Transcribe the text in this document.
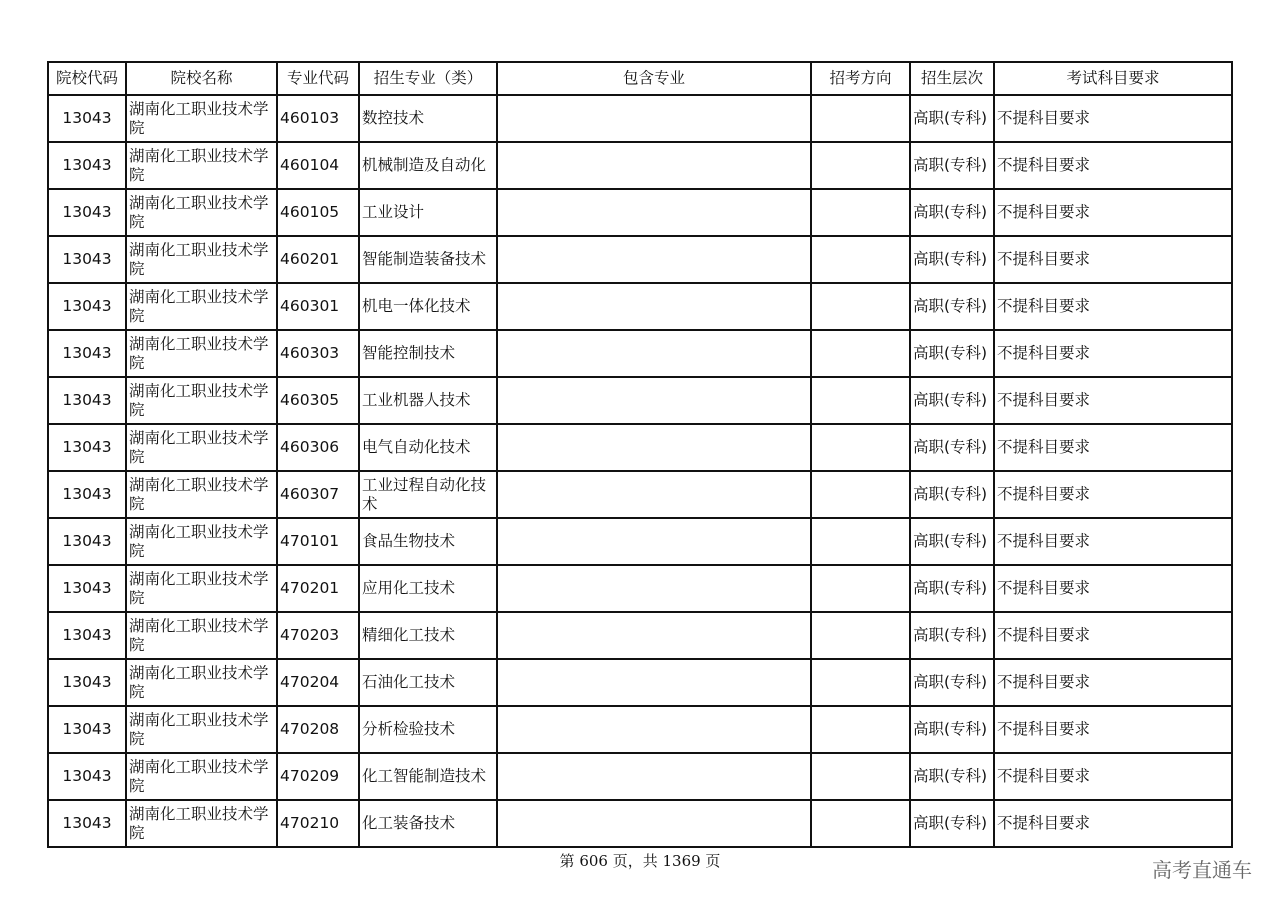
院校代码	院校名称	专业代码	招生专业（类）	包含专业	招考方向	招生层次	考试科目要求
13043	湖南化工职业技术学院	460103	数控技术			高职(专科)	不提科目要求
13043	湖南化工职业技术学院	460104	机械制造及自动化			高职(专科)	不提科目要求
13043	湖南化工职业技术学院	460105	工业设计			高职(专科)	不提科目要求
13043	湖南化工职业技术学院	460201	智能制造装备技术			高职(专科)	不提科目要求
13043	湖南化工职业技术学院	460301	机电一体化技术			高职(专科)	不提科目要求
13043	湖南化工职业技术学院	460303	智能控制技术			高职(专科)	不提科目要求
13043	湖南化工职业技术学院	460305	工业机器人技术			高职(专科)	不提科目要求
13043	湖南化工职业技术学院	460306	电气自动化技术			高职(专科)	不提科目要求
13043	湖南化工职业技术学院	460307	工业过程自动化技术			高职(专科)	不提科目要求
13043	湖南化工职业技术学院	470101	食品生物技术			高职(专科)	不提科目要求
13043	湖南化工职业技术学院	470201	应用化工技术			高职(专科)	不提科目要求
13043	湖南化工职业技术学院	470203	精细化工技术			高职(专科)	不提科目要求
13043	湖南化工职业技术学院	470204	石油化工技术			高职(专科)	不提科目要求
13043	湖南化工职业技术学院	470208	分析检验技术			高职(专科)	不提科目要求
13043	湖南化工职业技术学院	470209	化工智能制造技术			高职(专科)	不提科目要求
13043	湖南化工职业技术学院	470210	化工装备技术			高职(专科)	不提科目要求
第 606 页，共 1369 页	高考直通车
